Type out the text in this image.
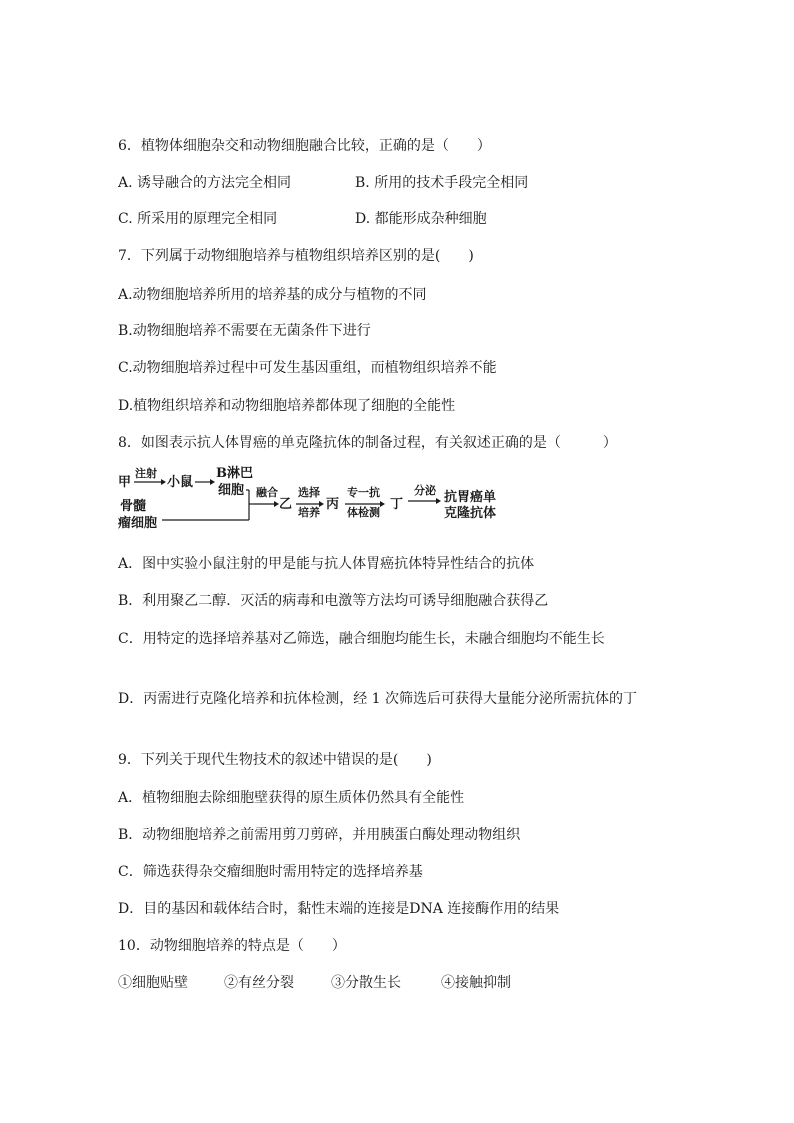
6．植物体细胞杂交和动物细胞融合比较，正确的是（　　）
A. 诱导融合的方法完全相同	B. 所用的技术手段完全相同
C. 所采用的原理完全相同	D. 都能形成杂种细胞
7．下列属于动物细胞培养与植物组织培养区别的是(　　)
A.动物细胞培养所用的培养基的成分与植物的不同
B.动物细胞培养不需要在无菌条件下进行
C.动物细胞培养过程中可发生基因重组，而植物组织培养不能
D.植物组织培养和动物细胞培养都体现了细胞的全能性
8．如图表示抗人体胃癌的单克隆抗体的制备过程，有关叙述正确的是（　　　）
甲
注射
小鼠
B淋巴
细胞
骨髓
瘤细胞
融合
乙
选择
培养
丙
专一抗
体检测
丁
分泌 抗胃癌单
克隆抗体
A．图中实验小鼠注射的甲是能与抗人体胃癌抗体特异性结合的抗体
B．利用聚乙二醇．灭活的病毒和电激等方法均可诱导细胞融合获得乙
C．用特定的选择培养基对乙筛选，融合细胞均能生长，未融合细胞均不能生长
D．丙需进行克隆化培养和抗体检测，经 1 次筛选后可获得大量能分泌所需抗体的丁
9．下列关于现代生物技术的叙述中错误的是(　　)
A．植物细胞去除细胞壁获得的原生质体仍然具有全能性
B．动物细胞培养之前需用剪刀剪碎，并用胰蛋白酶处理动物组织
C．筛选获得杂交瘤细胞时需用特定的选择培养基
D．目的基因和载体结合时，黏性末端的连接是DNA 连接酶作用的结果
10．动物细胞培养的特点是（　　）
①细胞贴壁	②有丝分裂	③分散生长	④接触抑制
